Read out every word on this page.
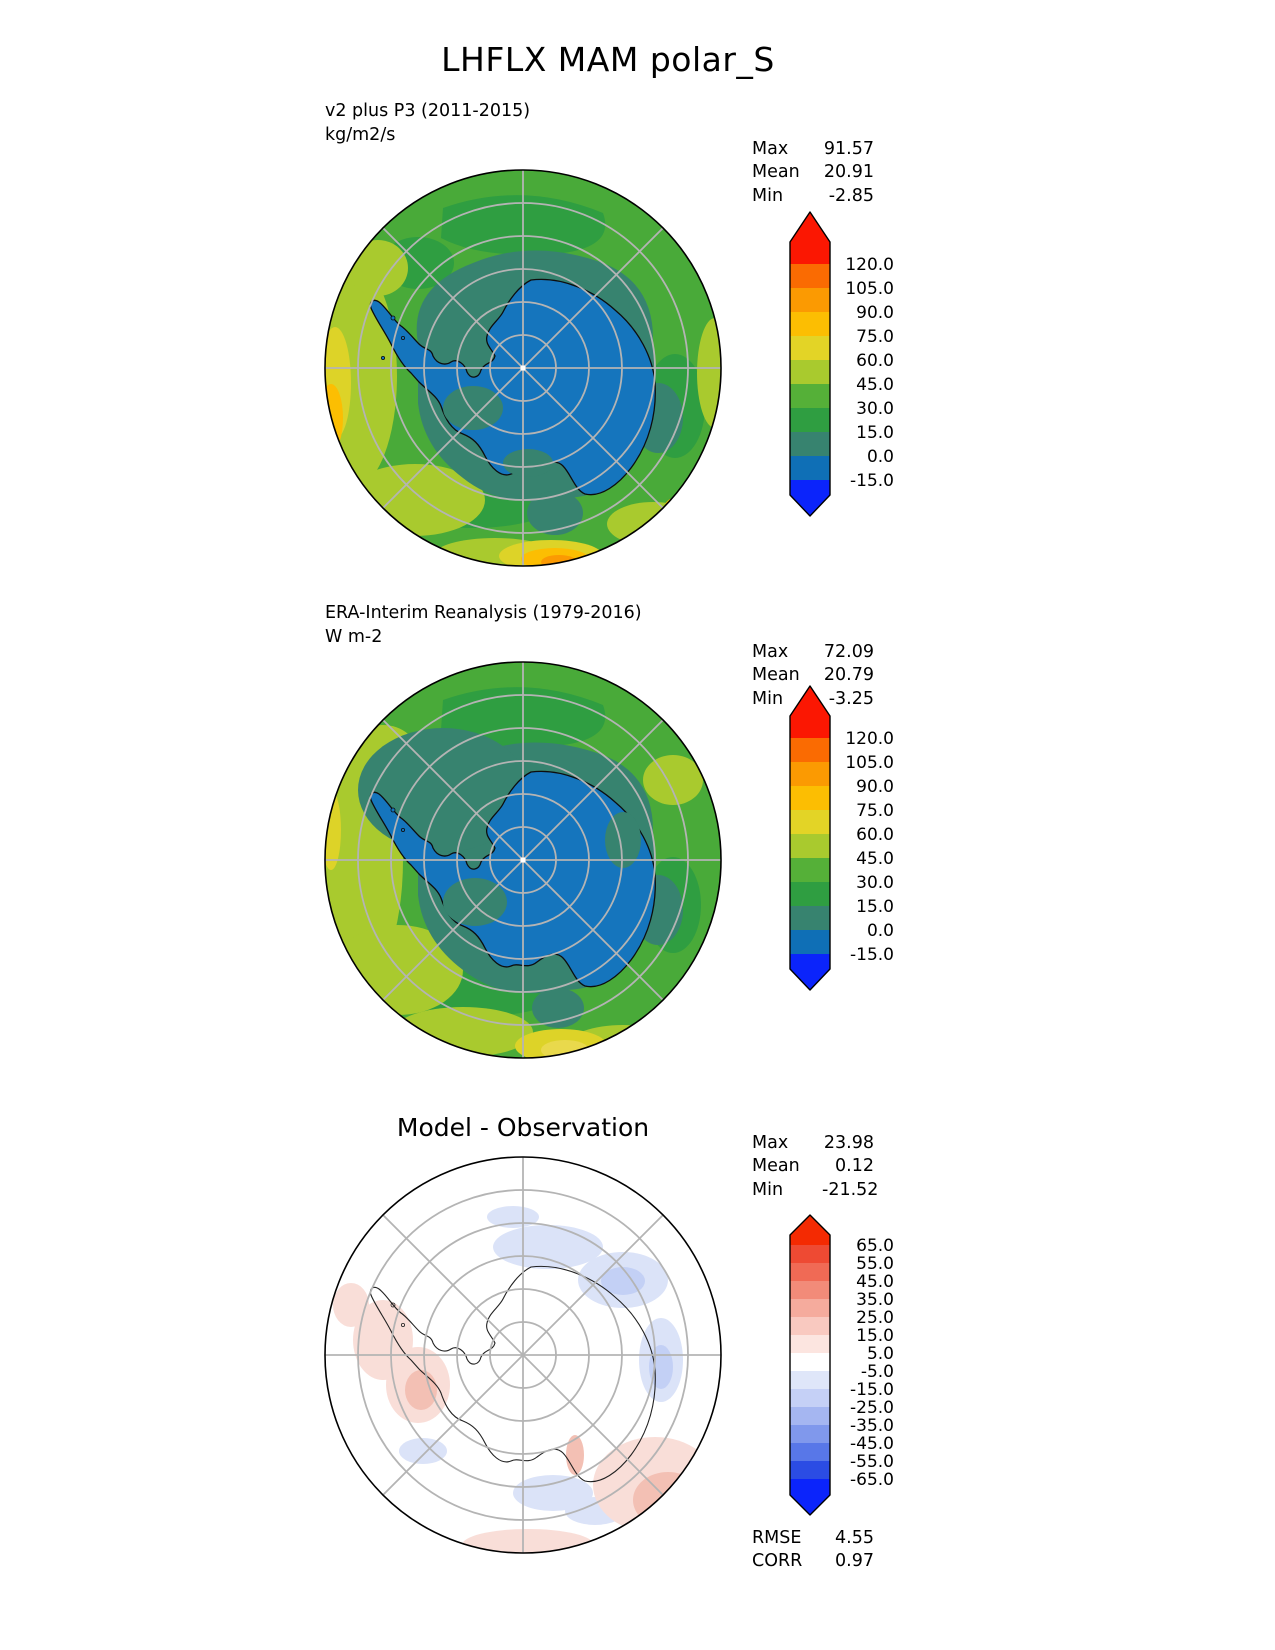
LHFLX MAM polar_S
v2 plus P3 (2011-2015)
kg/m2/s
Max	91.57
Mean	20.91
Min	-2.85
120.0
105.0
90.0
75.0
60.0
45.0
30.0
15.0
0.0
-15.0
ERA-Interim Reanalysis (1979-2016)
W m-2
Max	72.09
Mean	20.79
Min	-3.25
120.0
105.0
90.0
75.0
60.0
45.0
30.0
15.0
0.0
-15.0
Model - Observation
Max	23.98
Mean	0.12
Min	-21.52
65.0
55.0
45.0
35.0
25.0
15.0
5.0
-5.0
-15.0
-25.0
-35.0
-45.0
-55.0
-65.0
RMSE	4.55
CORR	0.97
